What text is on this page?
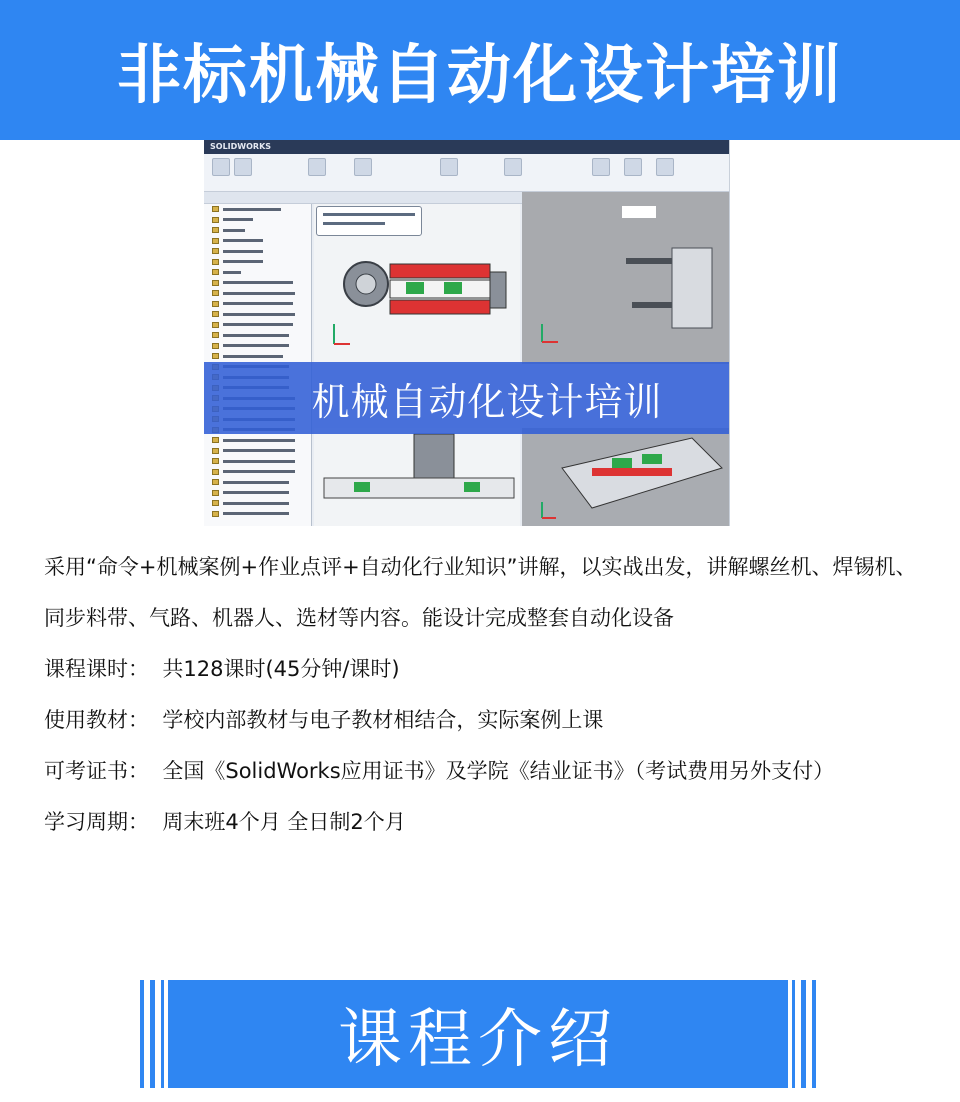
非标机械自动化设计培训
SOLIDWORKS
机械自动化设计培训

采用“命令+机械案例+作业点评+自动化行业知识”讲解，以实战出发，讲解螺丝机、焊锡机、同步料带、气路、机器人、选材等内容。能设计完成整套自动化设备

课程课时： 共128课时(45分钟/课时)

使用教材： 学校内部教材与电子教材相结合，实际案例上课

可考证书： 全国《SolidWorks应用证书》及学院《结业证书》（考试费用另外支付）

学习周期： 周末班4个月 全日制2个月

课程介绍
